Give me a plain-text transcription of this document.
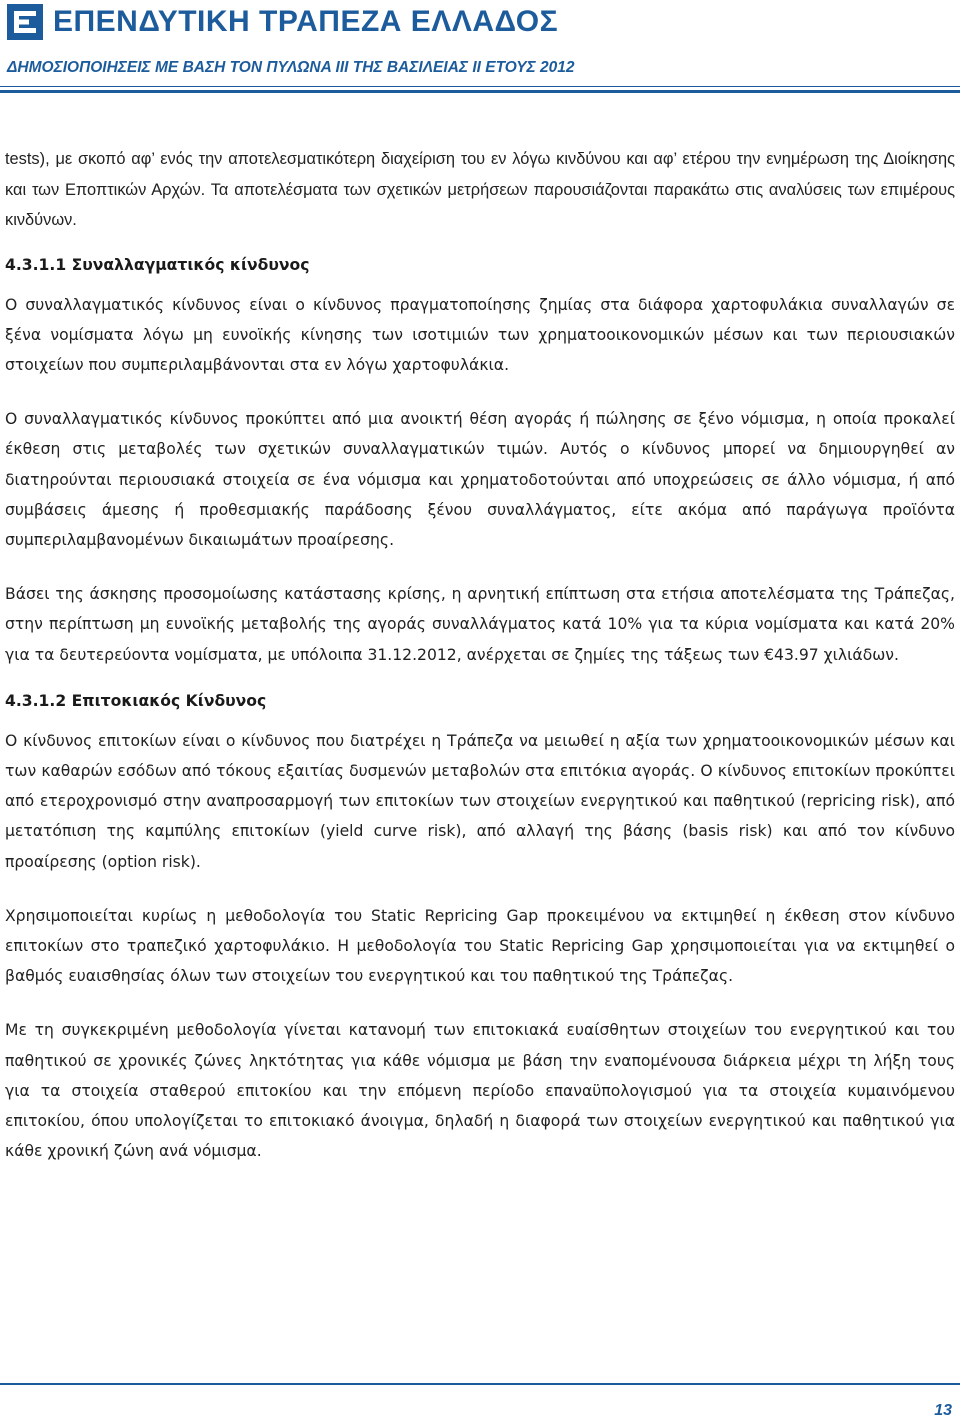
ΕΠΕΝΔΥΤΙΚΗ ΤΡΑΠΕΖΑ ΕΛΛΑΔΟΣ
ΔΗΜΟΣΙΟΠΟΙΗΣΕΙΣ ΜΕ ΒΑΣΗ ΤΟΝ ΠΥΛΩΝΑ ΙΙΙ ΤΗΣ ΒΑΣΙΛΕΙΑΣ ΙΙ ΕΤΟΥΣ 2012

tests), με σκοπό αφ’ ενός την αποτελεσματικότερη διαχείριση του εν λόγω κινδύνου και αφ’ ετέρου την ενημέρωση της Διοίκησης και των Εποπτικών Αρχών. Τα αποτελέσματα των σχετικών μετρήσεων παρουσιάζονται παρακάτω στις αναλύσεις των επιμέρους κινδύνων.

4.3.1.1 Συναλλαγματικός κίνδυνος

Ο συναλλαγματικός κίνδυνος είναι ο κίνδυνος πραγματοποίησης ζημίας στα διάφορα χαρτοφυλάκια συναλλαγών σε ξένα νομίσματα λόγω μη ευνοϊκής κίνησης των ισοτιμιών των χρηματοοικονομικών μέσων και των περιουσιακών στοιχείων που συμπεριλαμβάνονται στα εν λόγω χαρτοφυλάκια.

Ο συναλλαγματικός κίνδυνος προκύπτει από μια ανοικτή θέση αγοράς ή πώλησης σε ξένο νόμισμα, η οποία προκαλεί έκθεση στις μεταβολές των σχετικών συναλλαγματικών τιμών. Αυτός ο κίνδυνος μπορεί να δημιουργηθεί αν διατηρούνται περιουσιακά στοιχεία σε ένα νόμισμα και χρηματοδοτούνται από υποχρεώσεις σε άλλο νόμισμα, ή από συμβάσεις άμεσης ή προθεσμιακής παράδοσης ξένου συναλλάγματος, είτε ακόμα από παράγωγα προϊόντα συμπεριλαμβανομένων δικαιωμάτων προαίρεσης.

Βάσει της άσκησης προσομοίωσης κατάστασης κρίσης, η αρνητική επίπτωση στα ετήσια αποτελέσματα της Τράπεζας, στην περίπτωση μη ευνοϊκής μεταβολής της αγοράς συναλλάγματος κατά 10% για τα κύρια νομίσματα και κατά 20% για τα δευτερεύοντα νομίσματα, με υπόλοιπα 31.12.2012, ανέρχεται σε ζημίες της τάξεως των €43.97 χιλιάδων.

4.3.1.2 Επιτοκιακός Κίνδυνος

Ο κίνδυνος επιτοκίων είναι ο κίνδυνος που διατρέχει η Τράπεζα να μειωθεί η αξία των χρηματοοικονομικών μέσων και των καθαρών εσόδων από τόκους εξαιτίας δυσμενών μεταβολών στα επιτόκια αγοράς. Ο κίνδυνος επιτοκίων προκύπτει από ετεροχρονισμό στην αναπροσαρμογή των επιτοκίων των στοιχείων ενεργητικού και παθητικού (repricing risk), από μετατόπιση της καμπύλης επιτοκίων (yield curve risk), από αλλαγή της βάσης (basis risk) και από τον κίνδυνο προαίρεσης (option risk).

Χρησιμοποιείται κυρίως η μεθοδολογία του Static Repricing Gap προκειμένου να εκτιμηθεί η έκθεση στον κίνδυνο επιτοκίων στο τραπεζικό χαρτοφυλάκιο. Η μεθοδολογία του Static Repricing Gap χρησιμοποιείται για να εκτιμηθεί ο βαθμός ευαισθησίας όλων των στοιχείων του ενεργητικού και του παθητικού της Τράπεζας.

Με τη συγκεκριμένη μεθοδολογία γίνεται κατανομή των επιτοκιακά ευαίσθητων στοιχείων του ενεργητικού και του παθητικού σε χρονικές ζώνες ληκτότητας για κάθε νόμισμα με βάση την εναπομένουσα διάρκεια μέχρι τη λήξη τους για τα στοιχεία σταθερού επιτοκίου και την επόμενη περίοδο επαναϋπολογισμού για τα στοιχεία κυμαινόμενου επιτοκίου, όπου υπολογίζεται το επιτοκιακό άνοιγμα, δηλαδή η διαφορά των στοιχείων ενεργητικού και παθητικού για κάθε χρονική ζώνη ανά νόμισμα.

13
